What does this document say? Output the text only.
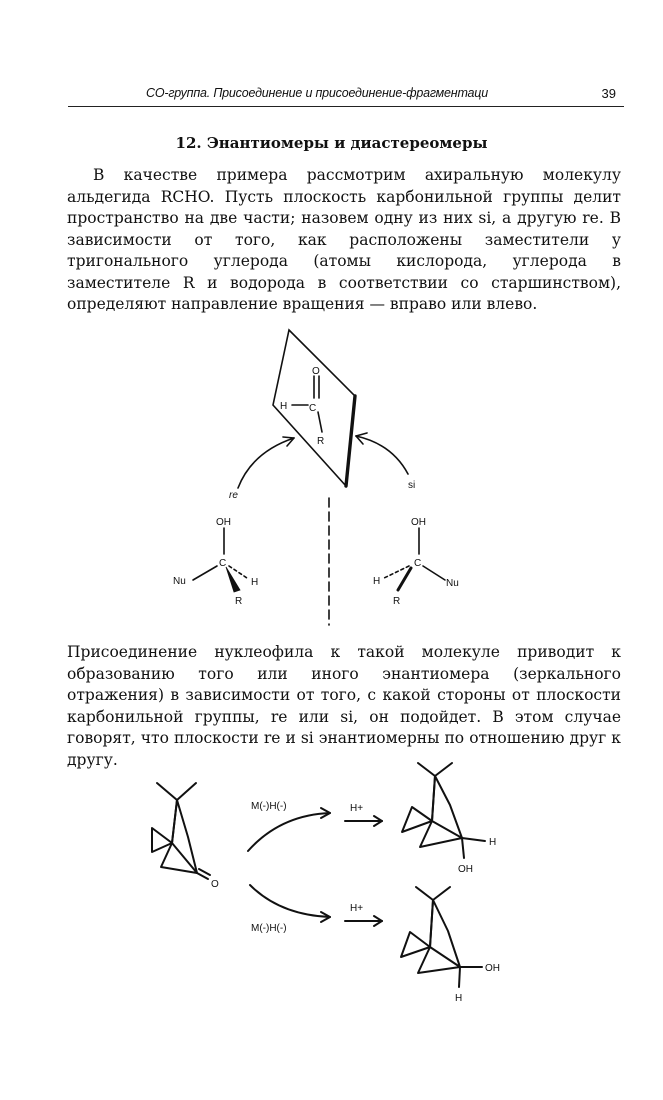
CO-группа. Присоединение и присоединение-фрагментаци	39
12. Энантиомеры и диастереомеры

В качестве примера рассмотрим ахиральную молекулу альдегида RCHO. Пусть плоскость карбонильной группы делит пространство на две части; назовем одну из них si, а другую re. В зависимости от того, как расположены заместители у тригонального углерода (атомы кислорода, углерода в заместителе R и водорода в соответствии со старшинством), определяют направление вращения — вправо или влево.

O
H C
R
re
si
OH
C
Nu	H
R
OH
C
H	Nu
R

Присоединение нуклеофила к такой молекуле приводит к образованию того или иного энантиомера (зеркального отражения) в зависимости от того, с какой стороны от плоскости карбонильной группы, re или si, он подойдет. В этом случае говорят, что плоскости re и si энантиомерны по отношению друг к другу.

O
M(-)H(-)	H+
M(-)H(-)
H+
H
OH
OH
H
